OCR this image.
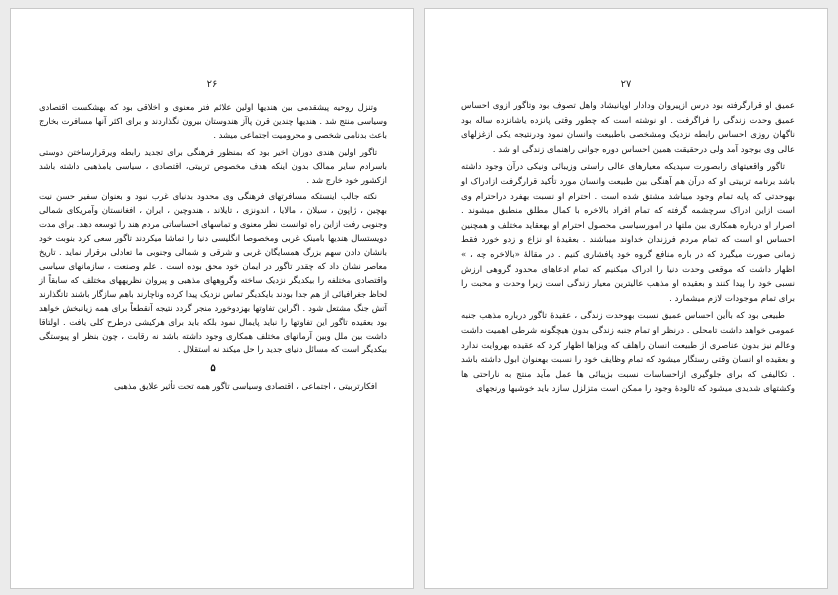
۲۶

وتنزل روحیه پیشقدمی بین هندیها اولین علائم فتر معنوی و اخلاقی بود که بهشکست اقتصادی وسیاسی منتج شد . هندیها چندین قرن پاآز هندوستان بیرون نگذاردند و برای اکثر آنها مسافرت بخارج باعث بدنامی شخصی و محرومیت اجتماعی میشد .

تاگور اولین هندی دوران اخیر بود که بمنظور فرهنگی برای تجدید رابطه ویرقرارساختن دوستی باسرادم سایر ممالک بدون اینکه هدف مخصوص تربیتی، اقتصادی ، سیاسی یامذهبی داشته باشد ازکشور خود خارج شد .

نکته جالب اینستکه مسافرتهای فرهنگی وی محدود بدنیای غرب نبود و بعنوان سفیر حسن نیت بهچین ، ژاپون ، سیلان ، مالایا ، اندونزی ، تایلاند ، هندوچین ، ایران ، افغانستان وآمریکای شمالی وجنوبی رفت ازاین راه توانست نظر معنوی و تماسهای احساساتی مردم هند را توسعه دهد. برای مدت دویستسال هندیها بامینک غربی ومخصوصا انگلیسی دنیا را تماشا میکردند تاگور سعی کرد بنوبت خود بانشان دادن سهم بزرگ همسایگان غربی و شرقی و شمالی وجنوبی ما تعادلی برقرار نماید . تاریخ معاصر نشان داد که چقدر تاگور در ایمان خود محق بوده است . علم وصنعت ، سازمانهای سیاسی واقتصادی مختلفه را بیکدیگر نزدیک ساخته وگروههای مذهبی و پیروان نظریههای مختلف که سابقاً از لحاظ جغرافیائی از هم جدا بودند بایکدیگر تماس نزدیک پیدا کرده وناچارند باهم سازگار باشند تاتگذارند آتش جنگ مشتعل شود . اگراین تفاوتها بهزدوخورد منجر گردد نتیجه آنقطعاً برای همه زیانبخش خواهد بود بعقیده تاگور این تفاوتها را نباید پایمال نمود بلکه باید برای هرکیشی درطرح کلی یافت . اولتاقا داشت بین ملل وبین آرمانهای مختلف همکاری وجود داشته باشد نه رقابت ، چون بنظر او پیوستگی بیکدیگر است که مسائل دنیای جدید را حل میکند نه استقلال .

۵

افکارتربیتی ، اجتماعی ، اقتصادی وسیاسی تاگور همه تحت تأثیر علایق مذهبی

۲۷

عمیق او قرارگرفته بود درس ازپیروان ودادار اوپانیشاد واهل تصوف بود وتاگور ازوی احساس عمیق وحدت زندگی را فراگرفت . او نوشته است که چطور وقتی پانزده یاشانزده ساله بود ناگهان روزی احساس رابطه نزدیک ومشخصی باطبیعت وانسان نمود ودرنتیجه یکی ازغزلهای عالی وی بوجود آمد ولی درحقیقت همین احساس دوره جوانی راهنمای زندگی او شد .

تاگور واقعیتهای رابصورت سپدیکه معیارهای عالی راستی وزیبائی ونیکی درآن وجود داشته باشد برنامه تربیتی او که درآن هم آهنگی بین طبیعت وانسان مورد تأکید قرارگرفت ازادراک او بهوحدتی که پایه تمام وجود میباشد مشتق شده است . احترام او نسبت بهفرد دراحترام وی است ازاین ادراک سرچشمه گرفته که تمام افراد بالاخره با کمال مطلق منطبق میشوند . اصرار او درباره همکاری بین ملتها در امورسیاسی محصول احترام او بهعقاید مختلف و همچنین احساس او است که تمام مردم فرزندان خداوند میباشند . بعقیدهٔ او نزاع و زدو خورد فقط زمانی صورت میگیرد که در باره منافع گروه خود پافشاری کنیم . در مقالهٔ «بالاخره چه ، » اظهار داشت که موقعی وحدت دنیا را ادراک میکنیم که تمام ادعاهای محدود گروهی ارزش نسبی خود را پیدا کنند و بعقیده او مذهب عالیترین معیار زندگی است زیرا وحدت و محبت را برای تمام موجودات لازم میشمارد .

طبیعی بود که باأین احساس عمیق نسبت بهوحدت زندگی ، عقیدهٔ تاگور درباره مذهب جنبه عمومی خواهد داشت تامحلی . درنظر او تمام جنبه زندگی بدون هیچگونه شرطی اهمیت داشت وعالم نیز بدون عناصری از طبیعت انسان راهلف که ویزاها اظهار کرد که عقیده بهروایت ندارد و بعقیده او انسان وقتی رستگار میشود که تمام وظایف خود را نسبت بهعنوان ابول داشته باشد . تکالیفی که برای جلوگیری ازاحساسات نسبت بزیبائی ها عمل مآید منتج به ناراحتی ها وکشتهای شدیدی میشود که ثالودهٔ وجود را ممکن است متزلزل سازد باید خوشیها ورنجهای
